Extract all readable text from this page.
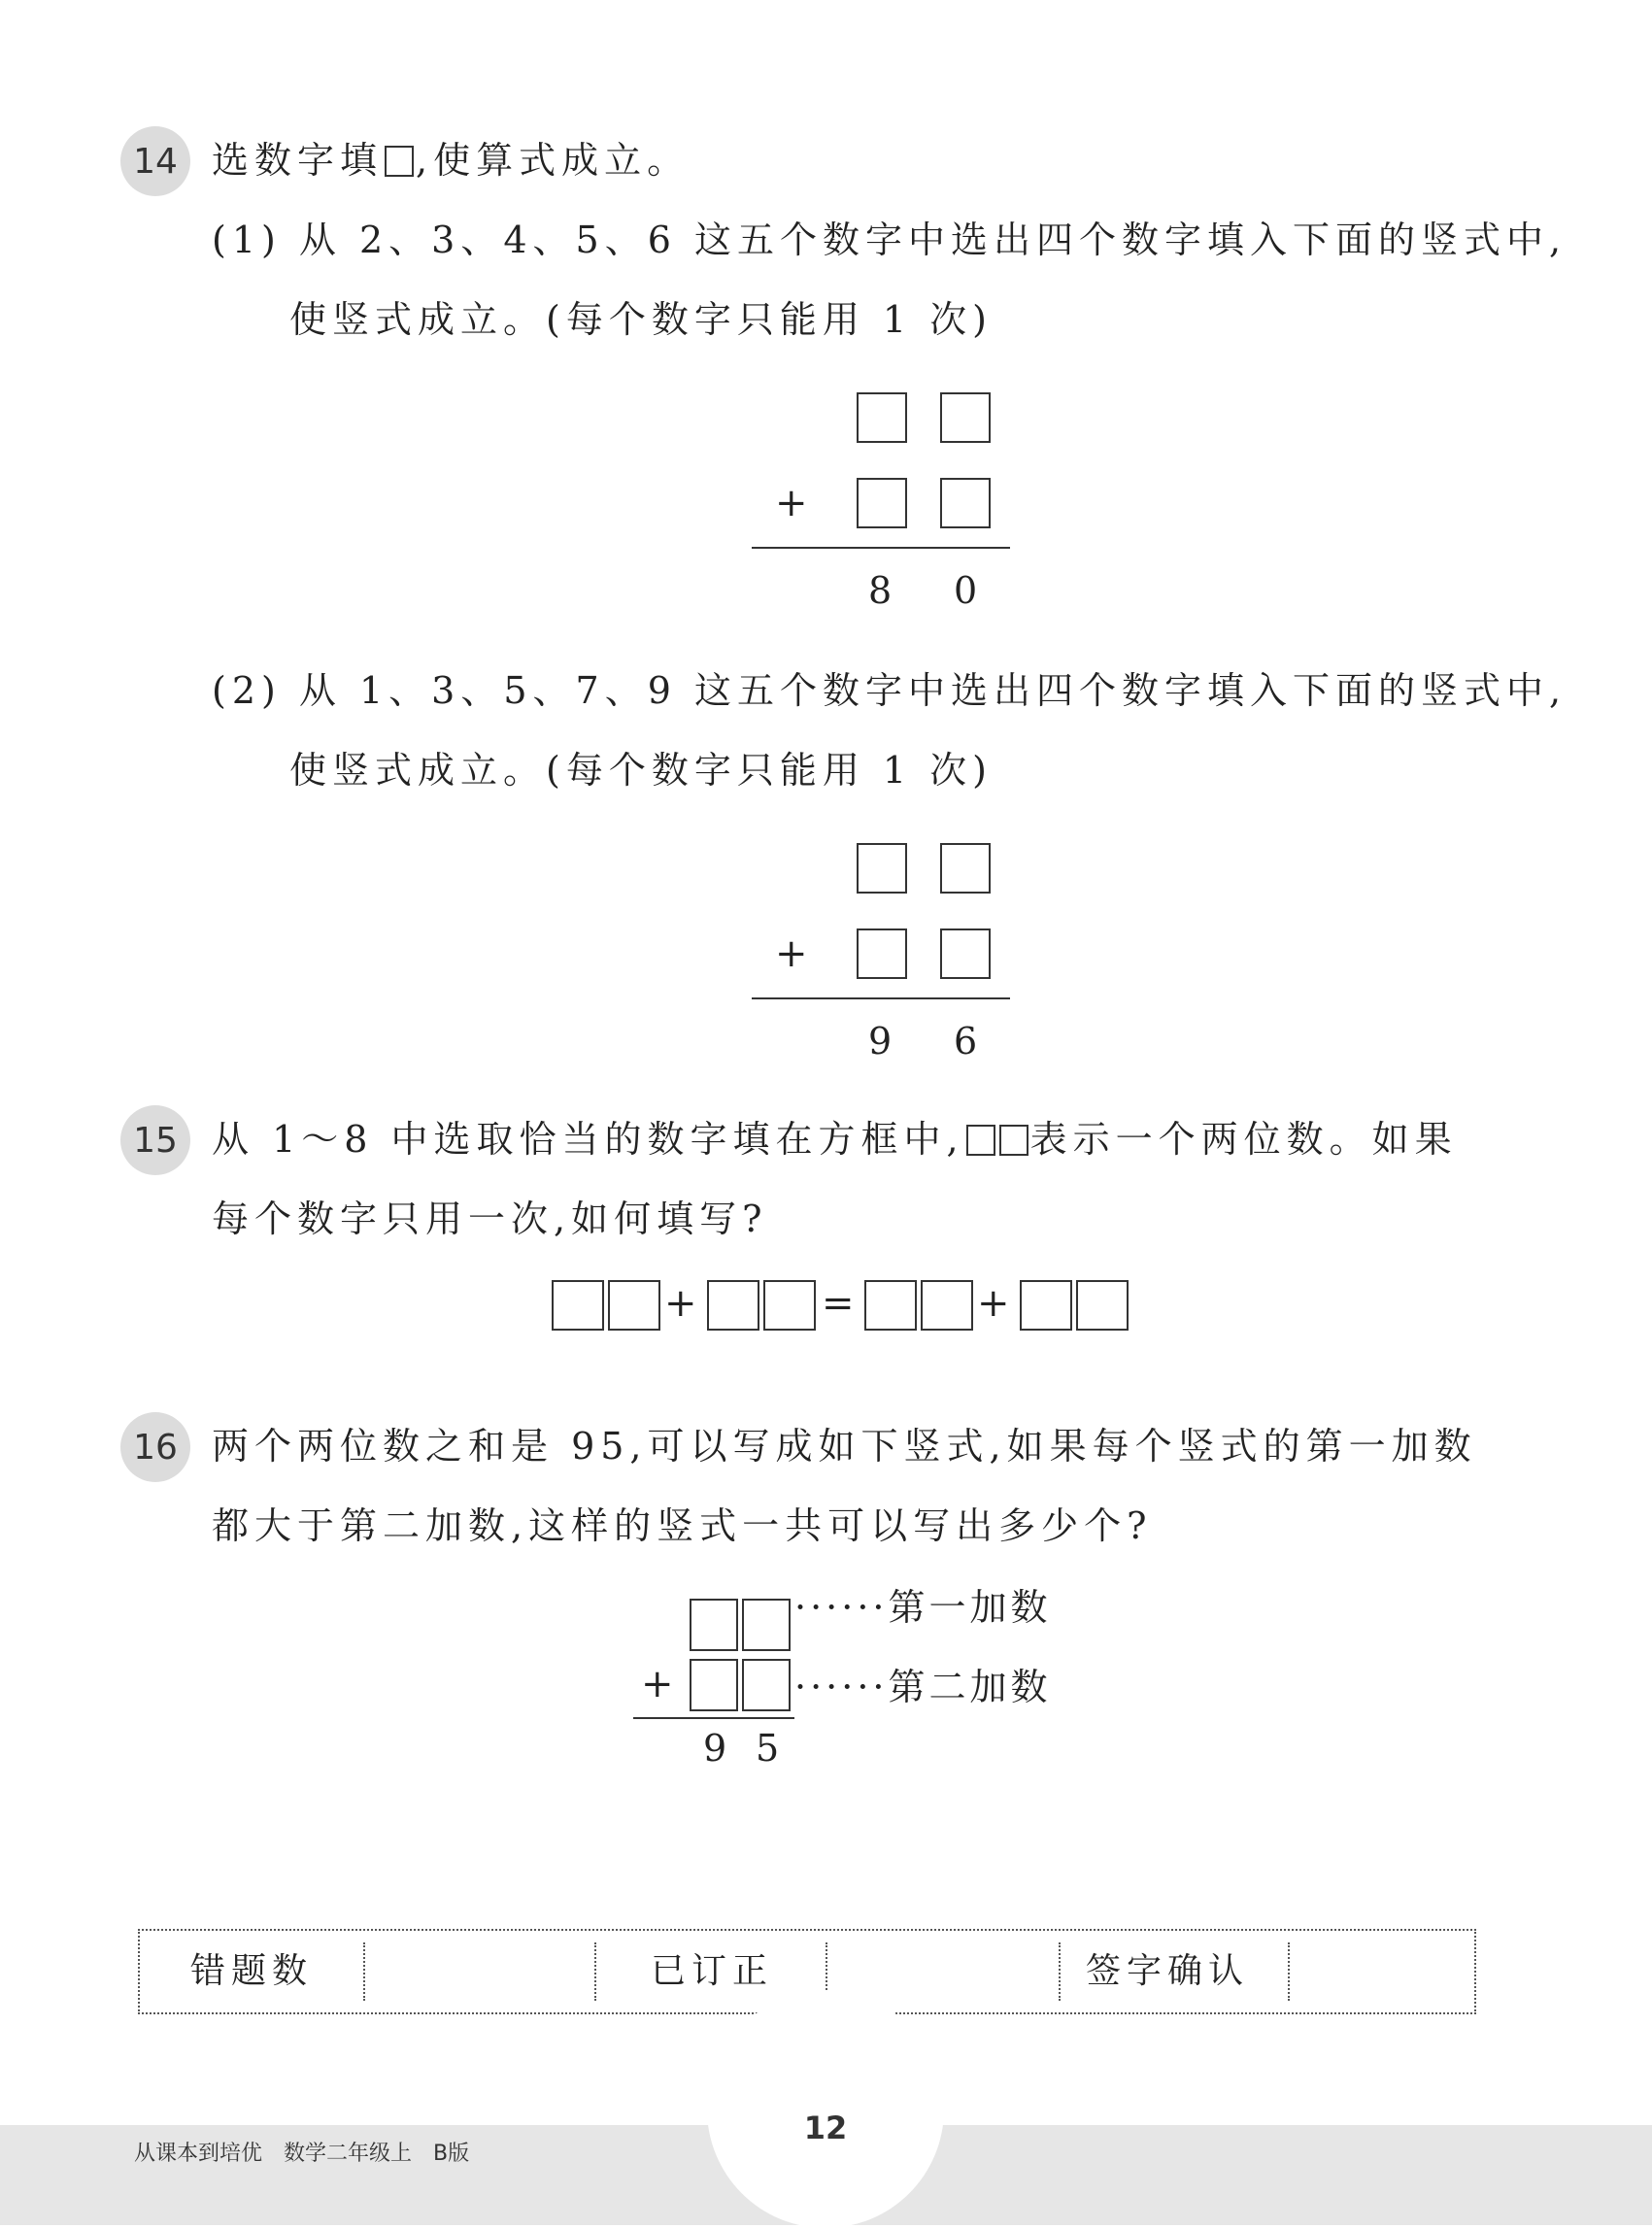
14 选数字填 ,使算式成立。
(1) 从 2、3、4、5、6 这五个数字中选出四个数字填入下面的竖式中,
使竖式成立。(每个数字只能用 1 次)
+
8 0
(2) 从 1、3、5、7、9 这五个数字中选出四个数字填入下面的竖式中,
使竖式成立。(每个数字只能用 1 次)
+
9 6
15 从 1～8 中选取恰当的数字填在方框中, 表示一个两位数。如果
每个数字只用一次,如何填写?
+	=	+
16 两个两位数之和是 95,可以写成如下竖式,如果每个竖式的第一加数
都大于第二加数,这样的竖式一共可以写出多少个?
······第一加数
+	······第二加数
9 5
错题数	已订正	签字确认
从课本到培优　数学二年级上　B版
12
